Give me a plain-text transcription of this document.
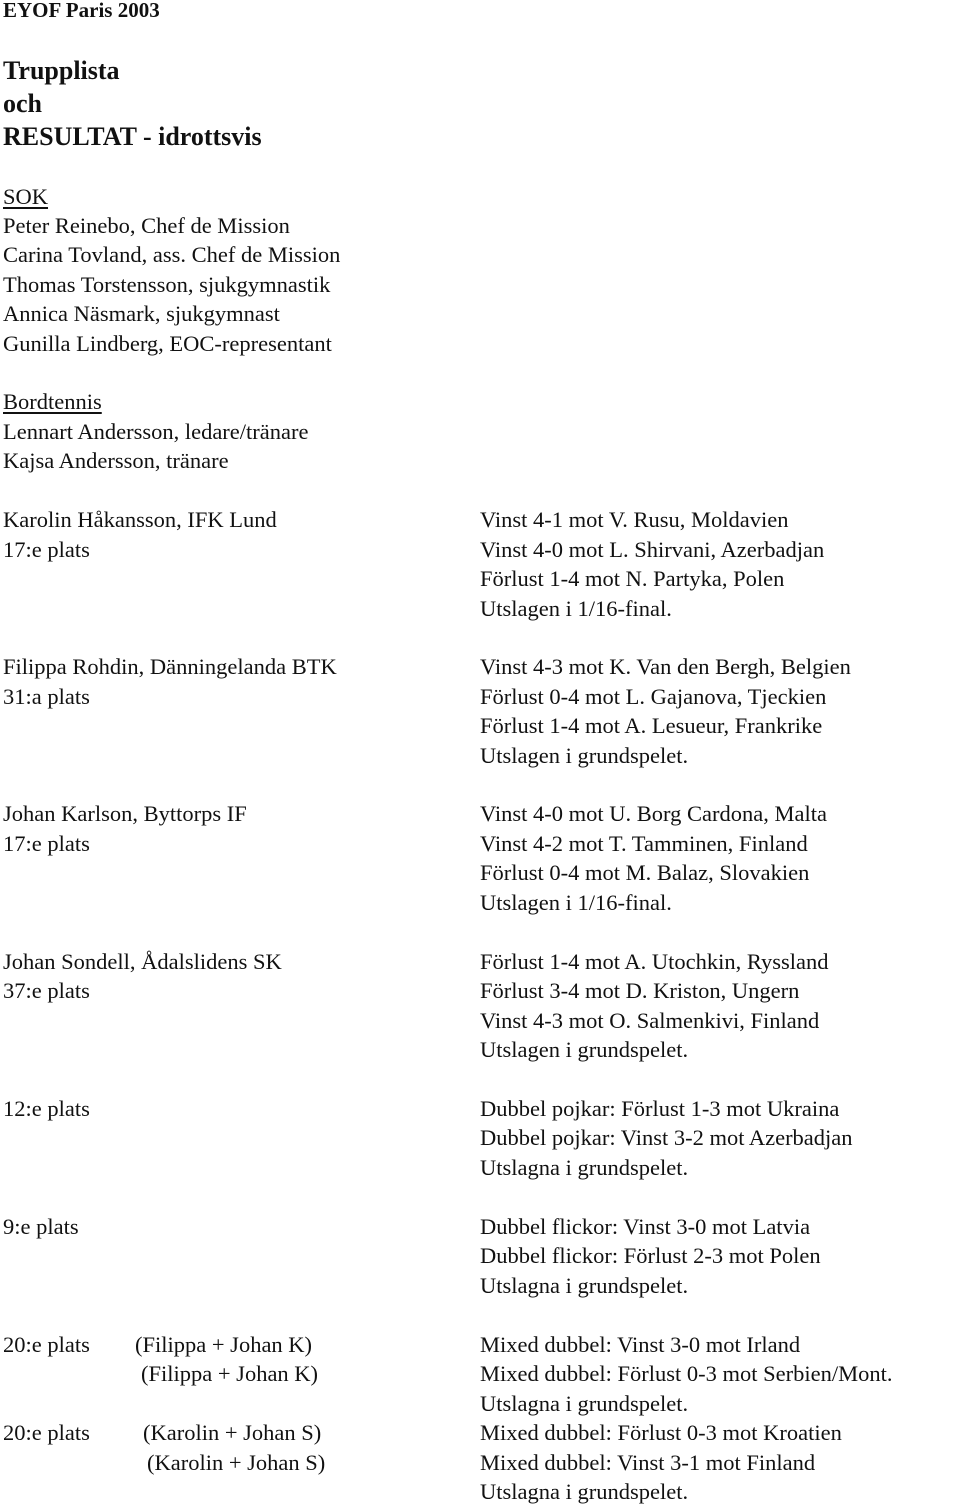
EYOF Paris 2003
Trupplista
och
RESULTAT - idrottsvis
SOK
Peter Reinebo, Chef de Mission
Carina Tovland, ass. Chef de Mission
Thomas Torstensson, sjukgymnastik
Annica Näsmark, sjukgymnast
Gunilla Lindberg, EOC-representant
Bordtennis
Lennart Andersson, ledare/tränare
Kajsa Andersson, tränare
Karolin Håkansson, IFK Lund
17:e plats
Vinst 4-1 mot V. Rusu, Moldavien
Vinst 4-0 mot L. Shirvani, Azerbadjan
Förlust 1-4 mot N. Partyka, Polen
Utslagen i 1/16-final.
Filippa Rohdin, Dänningelanda BTK
31:a plats
Vinst 4-3 mot K. Van den Bergh, Belgien
Förlust 0-4 mot L. Gajanova, Tjeckien
Förlust 1-4 mot A. Lesueur, Frankrike
Utslagen i grundspelet.
Johan Karlson, Byttorps IF
17:e plats
Vinst 4-0 mot U. Borg Cardona, Malta
Vinst 4-2 mot T. Tamminen, Finland
Förlust 0-4 mot M. Balaz, Slovakien
Utslagen i 1/16-final.
Johan Sondell, Ådalslidens SK
37:e plats
Förlust 1-4 mot A. Utochkin, Ryssland
Förlust 3-4 mot D. Kriston, Ungern
Vinst 4-3 mot O. Salmenkivi, Finland
Utslagen i grundspelet.
12:e plats	Dubbel pojkar: Förlust 1-3 mot Ukraina
Dubbel pojkar: Vinst 3-2 mot Azerbadjan
Utslagna i grundspelet.
9:e plats	Dubbel flickor: Vinst 3-0 mot Latvia
Dubbel flickor: Förlust 2-3 mot Polen
Utslagna i grundspelet.
20:e plats (Filippa + Johan K)
(Filippa + Johan K)
Mixed dubbel: Vinst 3-0 mot Irland
Mixed dubbel: Förlust 0-3 mot Serbien/Mont.
Utslagna i grundspelet.
20:e plats (Karolin + Johan S)
(Karolin + Johan S)
Mixed dubbel: Förlust 0-3 mot Kroatien
Mixed dubbel: Vinst 3-1 mot Finland
Utslagna i grundspelet.
